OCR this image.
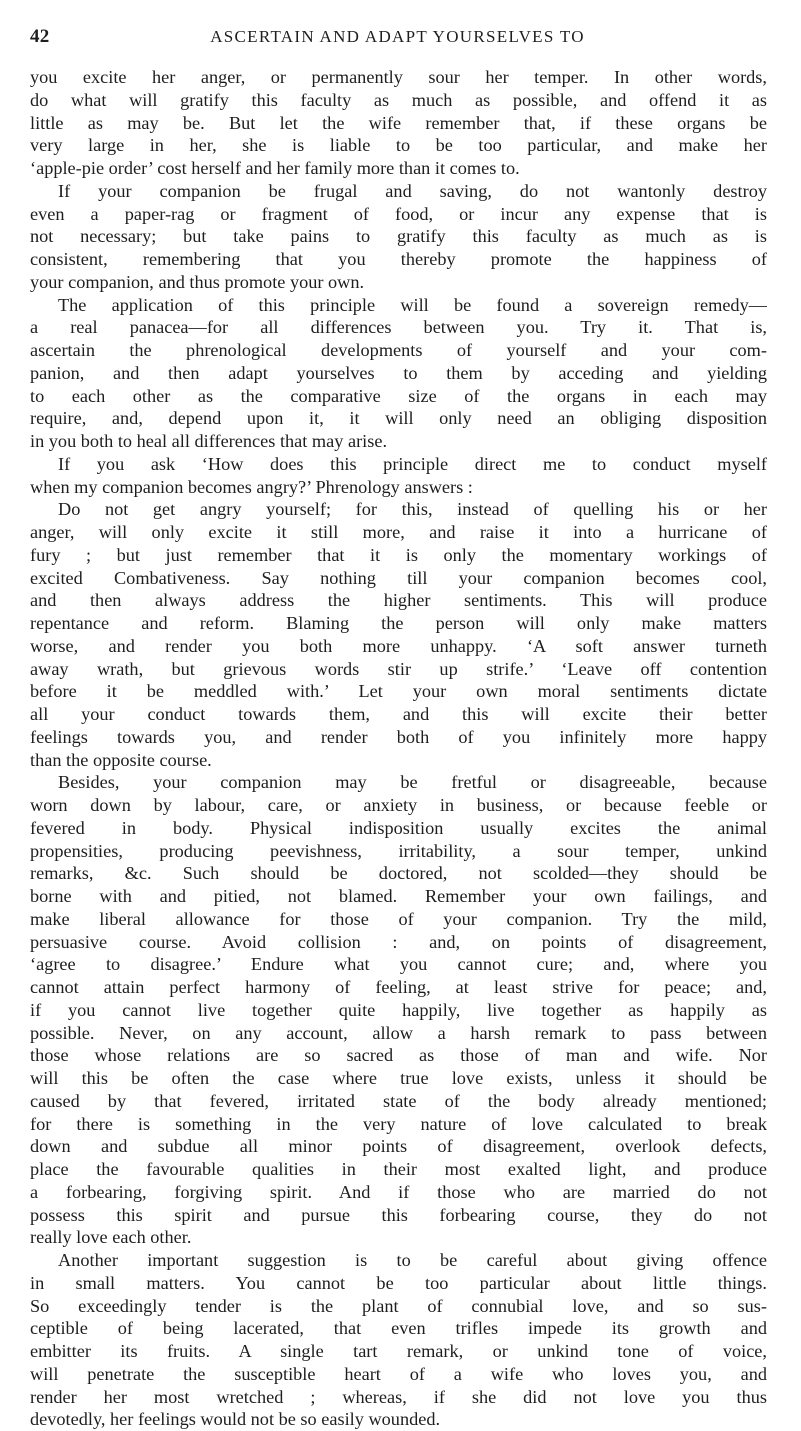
42	ASCERTAIN AND ADAPT YOURSELVES TO
you excite her anger, or permanently sour her temper. In other words,
do what will gratify this faculty as much as possible, and offend it as
little as may be. But let the wife remember that, if these organs be
very large in her, she is liable to be too particular, and make her
‘apple-pie order’ cost herself and her family more than it comes to.
If your companion be frugal and saving, do not wantonly destroy
even a paper-rag or fragment of food, or incur any expense that is
not necessary; but take pains to gratify this faculty as much as is
consistent, remembering that you thereby promote the happiness of
your companion, and thus promote your own.
The application of this principle will be found a sovereign remedy—
a real panacea—for all differences between you. Try it. That is,
ascertain the phrenological developments of yourself and your com-
panion, and then adapt yourselves to them by acceding and yielding
to each other as the comparative size of the organs in each may
require, and, depend upon it, it will only need an obliging disposition
in you both to heal all differences that may arise.
If you ask ‘How does this principle direct me to conduct myself
when my companion becomes angry?’ Phrenology answers :
Do not get angry yourself; for this, instead of quelling his or her
anger, will only excite it still more, and raise it into a hurricane of
fury ; but just remember that it is only the momentary workings of
excited Combativeness. Say nothing till your companion becomes cool,
and then always address the higher sentiments. This will produce
repentance and reform. Blaming the person will only make matters
worse, and render you both more unhappy. ‘A soft answer turneth
away wrath, but grievous words stir up strife.’ ‘Leave off contention
before it be meddled with.’ Let your own moral sentiments dictate
all your conduct towards them, and this will excite their better
feelings towards you, and render both of you infinitely more happy
than the opposite course.
Besides, your companion may be fretful or disagreeable, because
worn down by labour, care, or anxiety in business, or because feeble or
fevered in body. Physical indisposition usually excites the animal
propensities, producing peevishness, irritability, a sour temper, unkind
remarks, &c. Such should be doctored, not scolded—they should be
borne with and pitied, not blamed. Remember your own failings, and
make liberal allowance for those of your companion. Try the mild,
persuasive course. Avoid collision : and, on points of disagreement,
‘agree to disagree.’ Endure what you cannot cure; and, where you
cannot attain perfect harmony of feeling, at least strive for peace; and,
if you cannot live together quite happily, live together as happily as
possible. Never, on any account, allow a harsh remark to pass between
those whose relations are so sacred as those of man and wife. Nor
will this be often the case where true love exists, unless it should be
caused by that fevered, irritated state of the body already mentioned;
for there is something in the very nature of love calculated to break
down and subdue all minor points of disagreement, overlook defects,
place the favourable qualities in their most exalted light, and produce
a forbearing, forgiving spirit. And if those who are married do not
possess this spirit and pursue this forbearing course, they do not
really love each other.
Another important suggestion is to be careful about giving offence
in small matters. You cannot be too particular about little things.
So exceedingly tender is the plant of connubial love, and so sus-
ceptible of being lacerated, that even trifles impede its growth and
embitter its fruits. A single tart remark, or unkind tone of voice,
will penetrate the susceptible heart of a wife who loves you, and
render her most wretched ; whereas, if she did not love you thus
devotedly, her feelings would not be so easily wounded.
